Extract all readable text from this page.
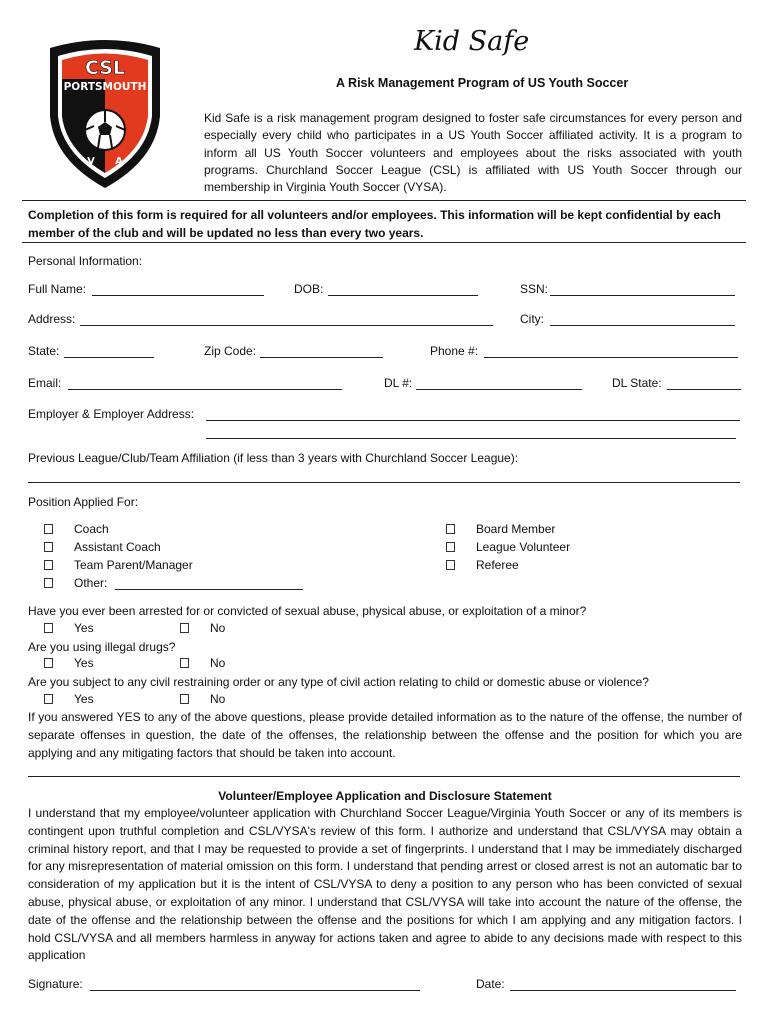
CSL
PORTSMOUTH
V A
Kid Safe
A Risk Management Program of US Youth Soccer
Kid Safe is a risk management program designed to foster safe circumstances for every person and especially every child who participates in a US Youth Soccer affiliated activity. It is a program to inform all US Youth Soccer volunteers and employees about the risks associated with youth programs. Churchland Soccer League (CSL) is affiliated with US Youth Soccer through our membership in Virginia Youth Soccer (VYSA).
Completion of this form is required for all volunteers and/or employees. This information will be kept confidential by each member of the club and will be updated no less than every two years.
Personal Information:
Full Name:	DOB:	SSN:
Address:	City:
State:	Zip Code:	Phone #:
Email:	DL #:	DL State:
Employer & Employer Address:
Previous League/Club/Team Affiliation (if less than 3 years with Churchland Soccer League):
Position Applied For:
Coach
Assistant Coach
Team Parent/Manager
Other:
Board Member
League Volunteer
Referee
Have you ever been arrested for or convicted of sexual abuse, physical abuse, or exploitation of a minor?
Yes	No
Are you using illegal drugs?
Yes	No
Are you subject to any civil restraining order or any type of civil action relating to child or domestic abuse or violence?
Yes	No
If you answered YES to any of the above questions, please provide detailed information as to the nature of the offense, the number of separate offenses in question, the date of the offenses, the relationship between the offense and the position for which you are applying and any mitigating factors that should be taken into account.
Volunteer/Employee Application and Disclosure Statement
I understand that my employee/volunteer application with Churchland Soccer League/Virginia Youth Soccer or any of its members is contingent upon truthful completion and CSL/VYSA's review of this form. I authorize and understand that CSL/VYSA may obtain a criminal history report, and that I may be requested to provide a set of fingerprints. I understand that I may be immediately discharged for any misrepresentation of material omission on this form. I understand that pending arrest or closed arrest is not an automatic bar to consideration of my application but it is the intent of CSL/VYSA to deny a position to any person who has been convicted of sexual abuse, physical abuse, or exploitation of any minor. I understand that CSL/VYSA will take into account the nature of the offense, the date of the offense and the relationship between the offense and the positions for which I am applying and any mitigation factors. I hold CSL/VYSA and all members harmless in anyway for actions taken and agree to abide to any decisions made with respect to this application
Signature:	Date:
